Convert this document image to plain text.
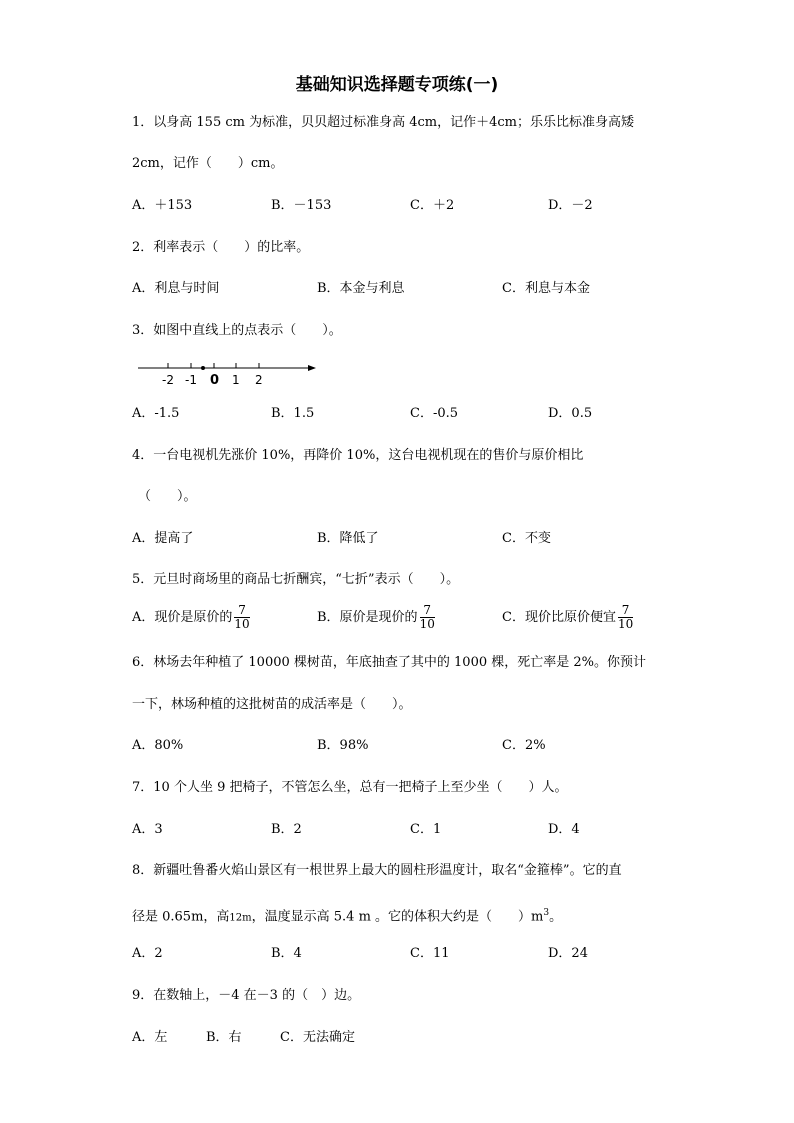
基础知识选择题专项练(一)
1．以身高 155 cm 为标准，贝贝超过标准身高 4cm，记作＋4cm；乐乐比标准身高矮
2cm，记作（　　）cm。
A．＋153	B．－153	C．＋2	D．－2
2．利率表示（　　）的比率。
A．利息与时间	B．本金与利息	C．利息与本金
3．如图中直线上的点表示（　　）。
-2 -1 0 1 2
A．-1.5	B．1.5	C．-0.5	D．0.5
4．一台电视机先涨价 10%，再降价 10%，这台电视机现在的售价与原价相比
（　　）。
A．提高了	B．降低了	C．不变
5．元旦时商场里的商品七折酬宾，“七折”表示（　　）。
A．现价是原价的 $\frac{7}{10}$	B．原价是现价的 $\frac{7}{10}$	C．现价比原价便宜 $\frac{7}{10}$
6．林场去年种植了 10000 棵树苗，年底抽查了其中的 1000 棵，死亡率是 2%。你预计
一下，林场种植的这批树苗的成活率是（　　）。
A．80%	B．98%	C．2%
7．10 个人坐 9 把椅子，不管怎么坐，总有一把椅子上至少坐（　　）人。
A．3	B．2	C．1	D．4
8．新疆吐鲁番火焰山景区有一根世界上最大的圆柱形温度计，取名“金箍棒”。它的直
径是 0.65m，高12m，温度显示高 5.4 m 。它的体积大约是（　　）$m^3$。
A．2	B．4	C．11	D．24
9．在数轴上，－4 在－3 的（　）边。
A．左	B．右	C．无法确定
